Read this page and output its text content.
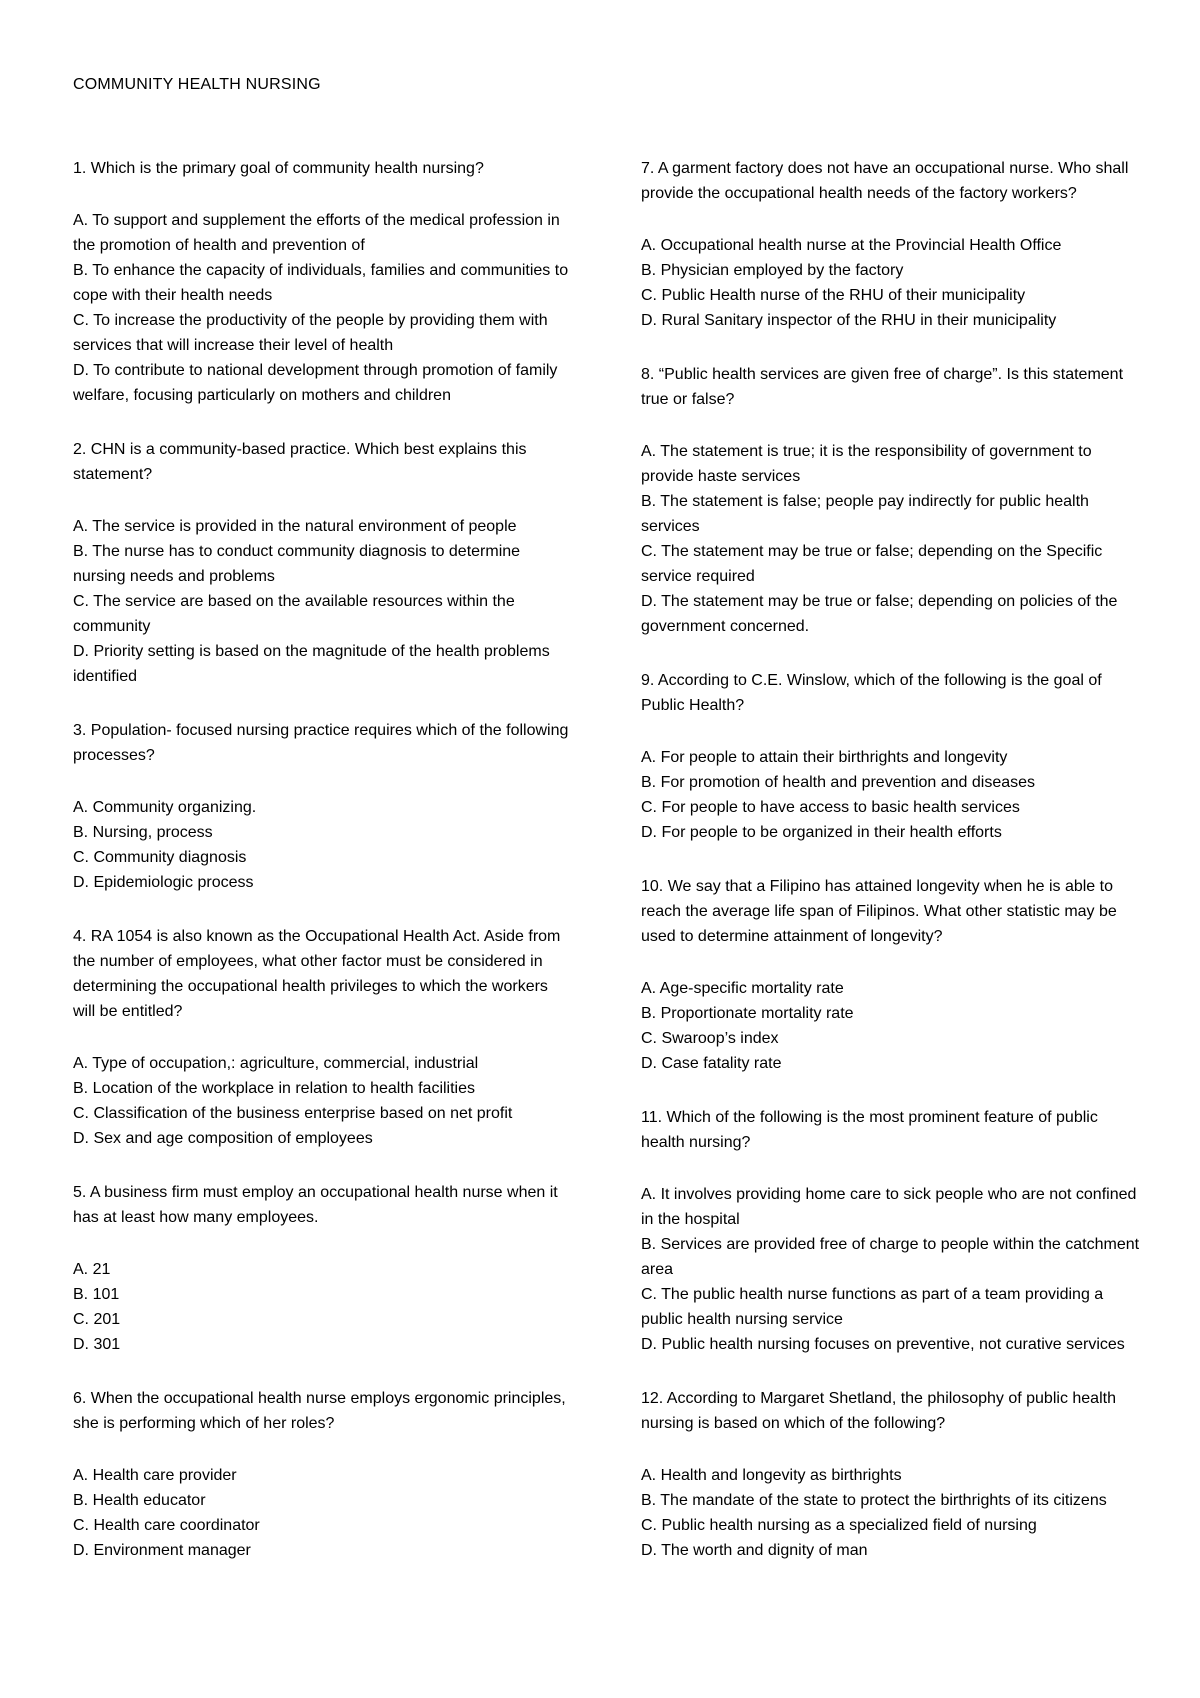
COMMUNITY HEALTH NURSING
1. Which is the primary goal of community health nursing?
A. To support and supplement the efforts of the medical profession in the promotion of health and prevention of
B. To enhance the capacity of individuals, families and communities to cope with their health needs
C. To increase the productivity of the people by providing them with services that will increase their level of health
D. To contribute to national development through promotion of family welfare, focusing particularly on mothers and children
2. CHN is a community-based practice. Which best explains this statement?
A. The service is provided in the natural environment of people
B. The nurse has to conduct community diagnosis to determine nursing needs and problems
C. The service are based on the available resources within the community
D. Priority setting is based on the magnitude of the health problems identified
3. Population- focused nursing practice requires which of the following processes?
A. Community organizing.
B. Nursing, process
C. Community diagnosis
D. Epidemiologic process
4. RA 1054 is also known as the Occupational Health Act. Aside from the number of employees, what other factor must be considered in determining the occupational health privileges to which the workers will be entitled?
A. Type of occupation,: agriculture, commercial, industrial
B. Location of the workplace in relation to health facilities
C. Classification of the business enterprise based on net profit
D. Sex and age composition of employees
5. A business firm must employ an occupational health nurse when it has at least how many employees.
A. 21
B. 101
C. 201
D. 301
6. When the occupational health nurse employs ergonomic principles, she is performing which of her roles?
A. Health care provider
B. Health educator
C. Health care coordinator
D. Environment manager
7. A garment factory does not have an occupational nurse. Who shall provide the occupational health needs of the factory workers?
A. Occupational health nurse at the Provincial Health Office
B. Physician employed by the factory
C. Public Health nurse of the RHU of their municipality
D. Rural Sanitary inspector of the RHU in their municipality
8. “Public health services are given free of charge”. Is this statement true or false?
A. The statement is true; it is the responsibility of government to provide haste services
B. The statement is false; people pay indirectly for public health services
C. The statement may be true or false; depending on the Specific service required
D. The statement may be true or false; depending on policies of the government concerned.
9. According to C.E. Winslow, which of the following is the goal of Public Health?
A. For people to attain their birthrights and longevity
B. For promotion of health and prevention and diseases
C. For people to have access to basic health services
D. For people to be organized in their health efforts
10. We say that a Filipino has attained longevity when he is able to reach the average life span of Filipinos. What other statistic may be used to determine attainment of longevity?
A. Age-specific mortality rate
B. Proportionate mortality rate
C. Swaroop’s index
D. Case fatality rate
11. Which of the following is the most prominent feature of public health nursing?
A. It involves providing home care to sick people who are not confined in the hospital
B. Services are provided free of charge to people within the catchment area
C. The public health nurse functions as part of a team providing a public health nursing service
D. Public health nursing focuses on preventive, not curative services
12. According to Margaret Shetland, the philosophy of public health nursing is based on which of the following?
A. Health and longevity as birthrights
B. The mandate of the state to protect the birthrights of its citizens
C. Public health nursing as a specialized field of nursing
D. The worth and dignity of man
